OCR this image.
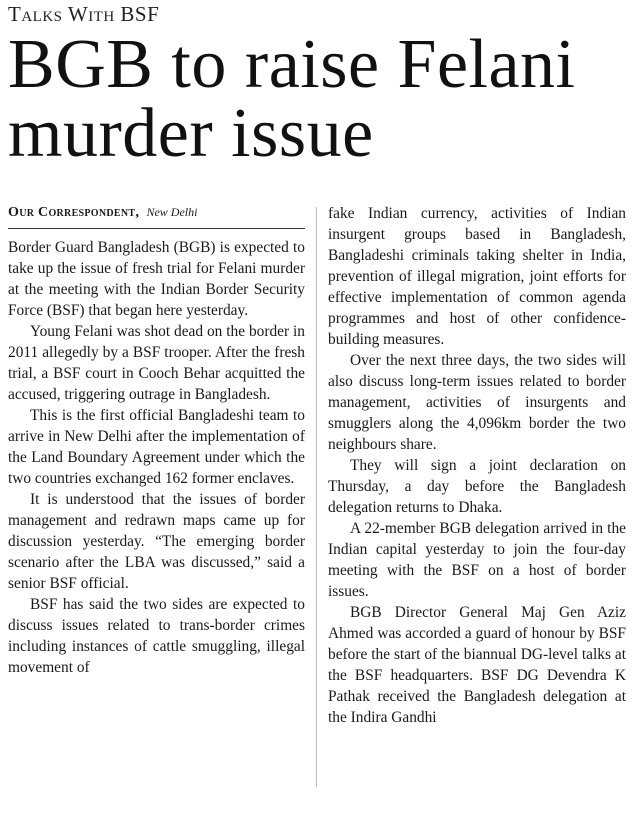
Talks With BSF
BGB to raise Felani murder issue
Our Correspondent, New Delhi

Border Guard Bangladesh (BGB) is expected to take up the issue of fresh trial for Felani murder at the meeting with the Indian Border Security Force (BSF) that began here yesterday.

Young Felani was shot dead on the border in 2011 allegedly by a BSF trooper. After the fresh trial, a BSF court in Cooch Behar acquitted the accused, triggering outrage in Bangladesh.

This is the first official Bangladeshi team to arrive in New Delhi after the implementation of the Land Boundary Agreement under which the two countries exchanged 162 former enclaves.

It is understood that the issues of border management and redrawn maps came up for discussion yesterday. “The emerging border scenario after the LBA was discussed,” said a senior BSF official.

BSF has said the two sides are expected to discuss issues related to trans-border crimes including instances of cattle smuggling, illegal movement of

fake Indian currency, activities of Indian insurgent groups based in Bangladesh, Bangladeshi criminals taking shelter in India, prevention of illegal migration, joint efforts for effective implementation of common agenda programmes and host of other confidence-building measures.

Over the next three days, the two sides will also discuss long-term issues related to border management, activities of insurgents and smugglers along the 4,096km border the two neighbours share.

They will sign a joint declaration on Thursday, a day before the Bangladesh delegation returns to Dhaka.

A 22-member BGB delegation arrived in the Indian capital yesterday to join the four-day meeting with the BSF on a host of border issues.

BGB Director General Maj Gen Aziz Ahmed was accorded a guard of honour by BSF before the start of the biannual DG-level talks at the BSF headquarters. BSF DG Devendra K Pathak received the Bangladesh delegation at the Indira Gandhi
